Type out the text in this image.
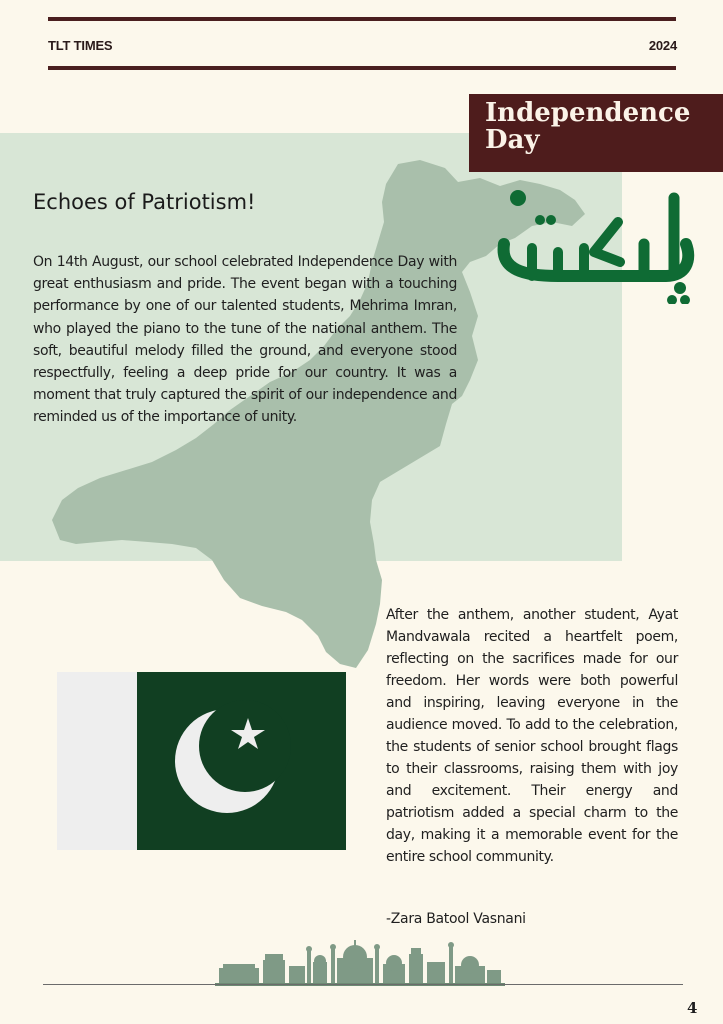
TLT TIMES	2024
Independence
Day
Echoes of Patriotism!
On 14th August, our school celebrated Independence Day with great enthusiasm and pride. The event began with a touching performance by one of our talented students, Mehrima Imran, who played the piano to the tune of the national anthem. The soft, beautiful melody filled the ground, and everyone stood respectfully, feeling a deep pride for our country. It was a moment that truly captured the spirit of our independence and reminded us of the importance of unity.
After the anthem, another student, Ayat Mandvawala recited a heartfelt poem, reflecting on the sacrifices made for our freedom. Her words were both powerful and inspiring, leaving everyone in the audience moved. To add to the celebration, the students of senior school brought flags to their classrooms, raising them with joy and excitement. Their energy and patriotism added a special charm to the day, making it a memorable event for the entire school community.
-Zara Batool Vasnani
4
